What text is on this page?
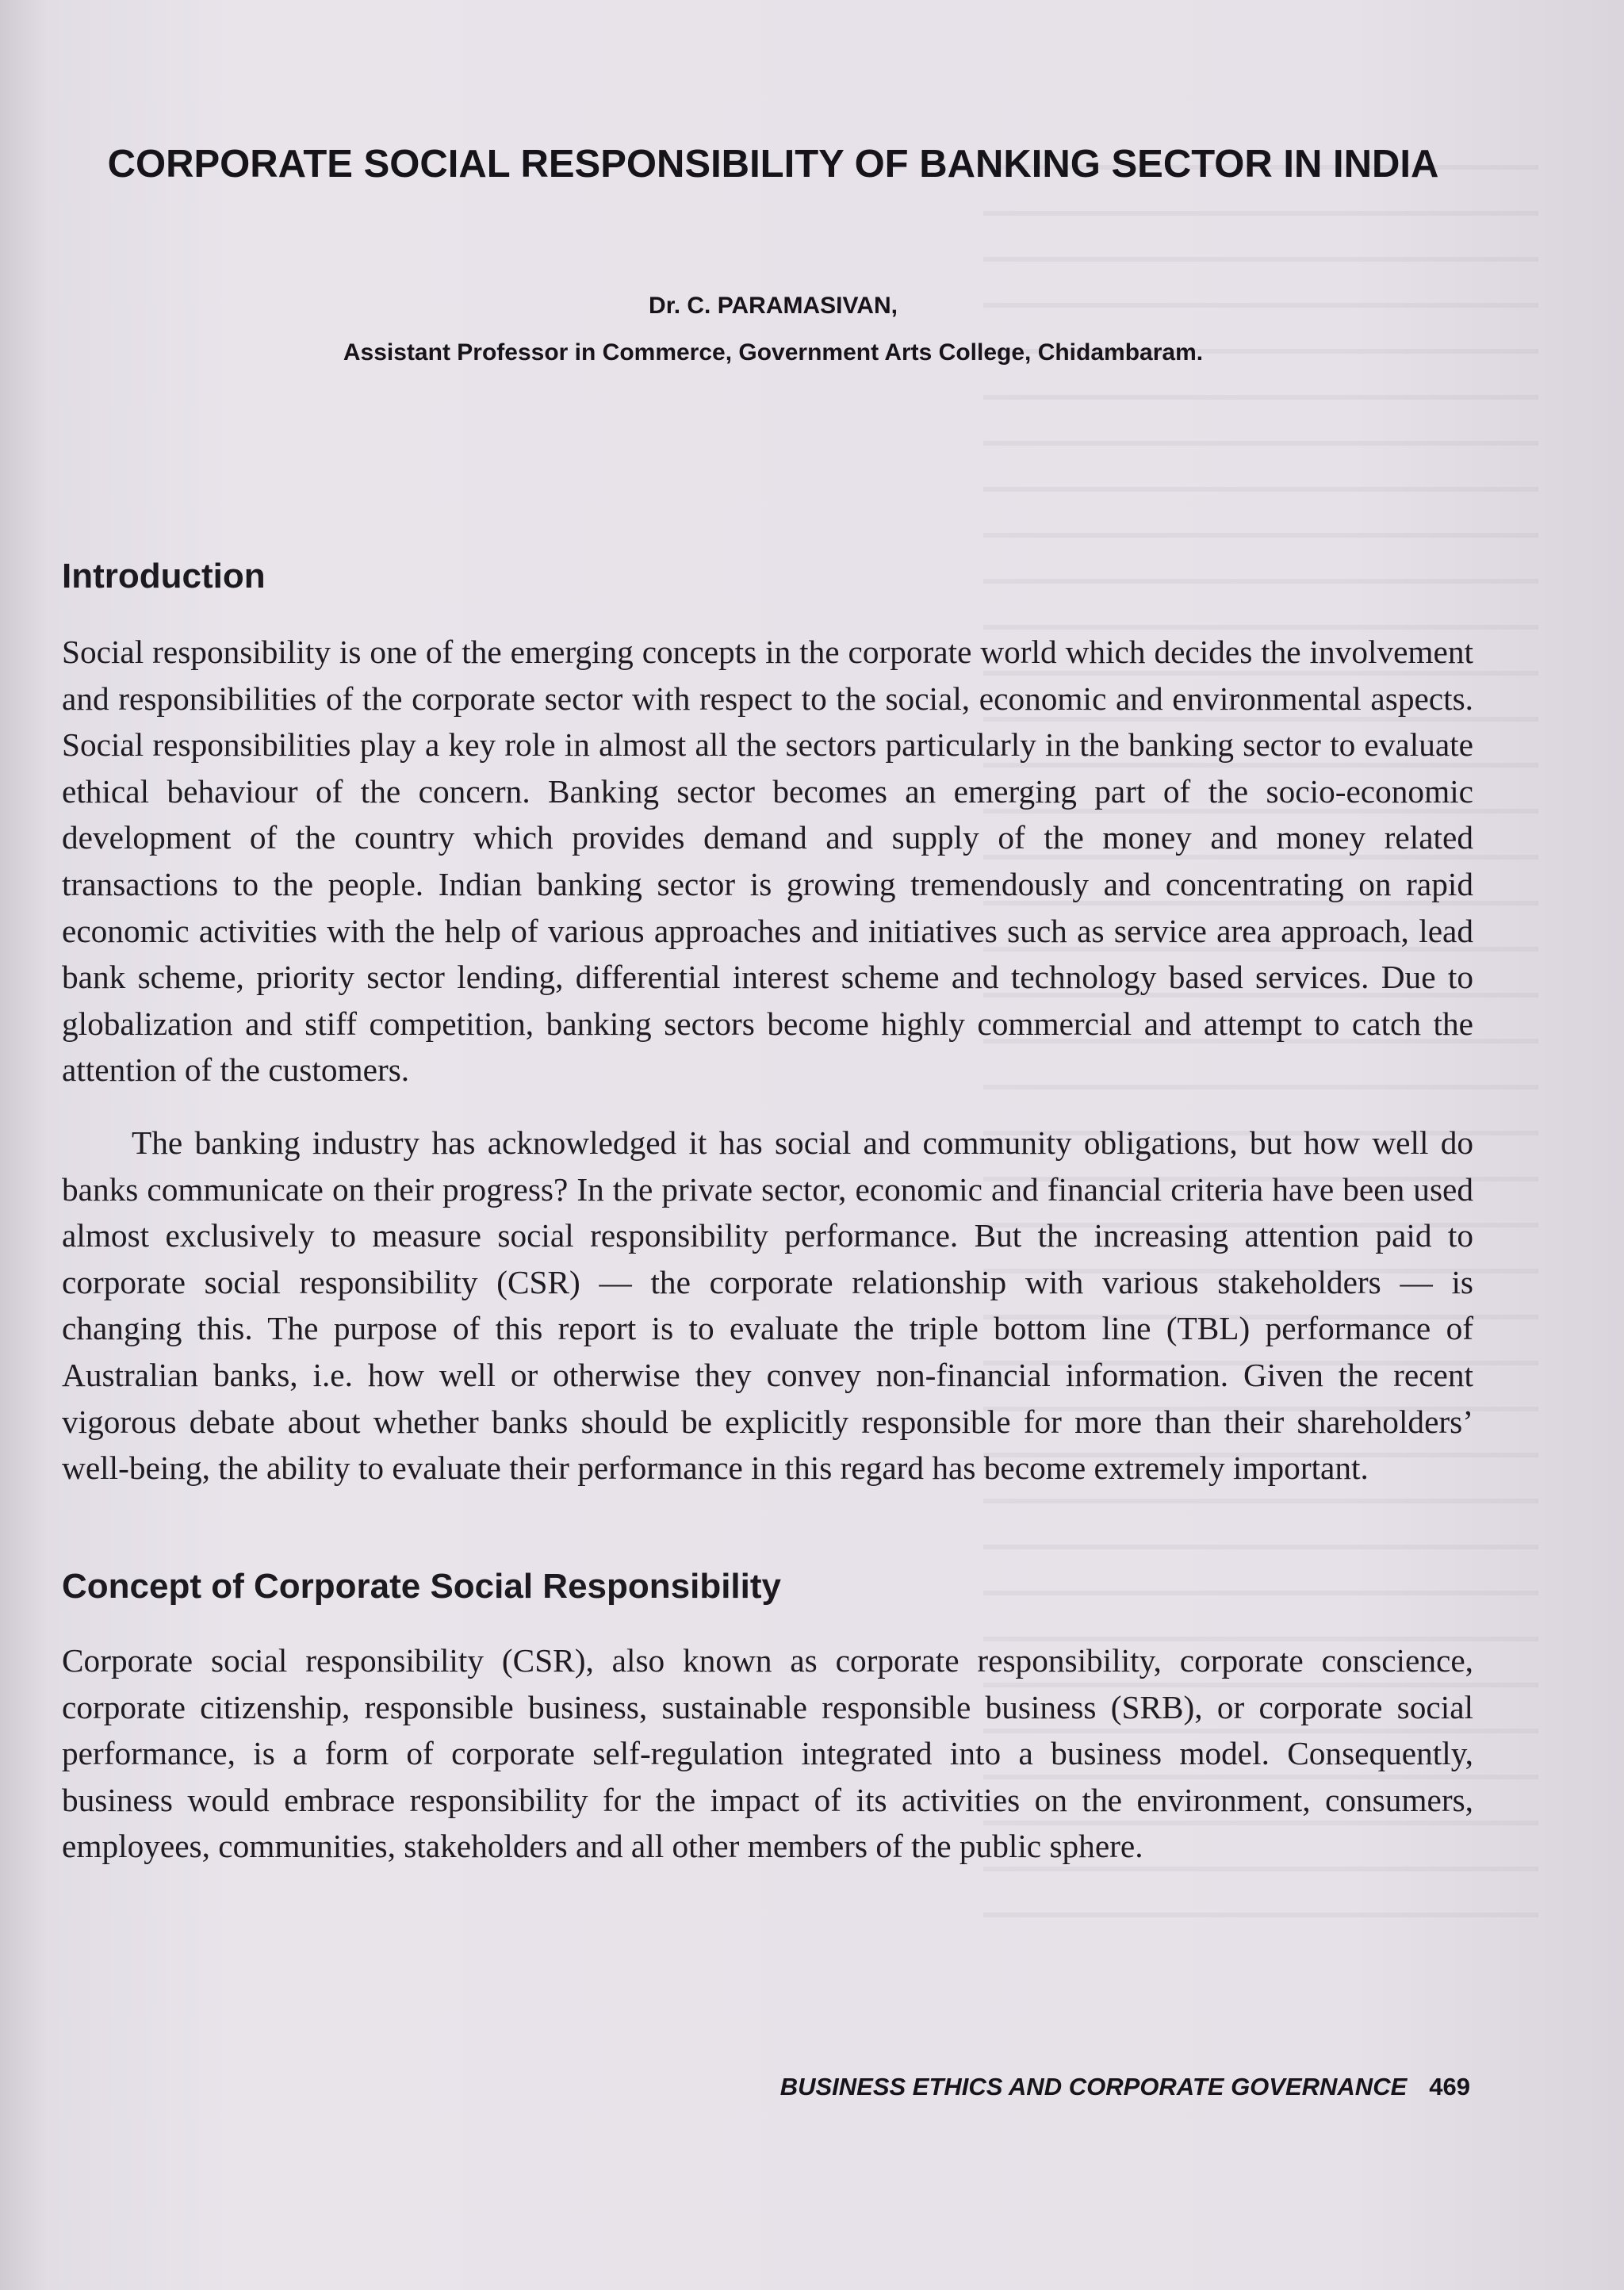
CORPORATE SOCIAL RESPONSIBILITY OF BANKING SECTOR IN INDIA
Dr. C. PARAMASIVAN,
Assistant Professor in Commerce, Government Arts College, Chidambaram.
Introduction

Social responsibility is one of the emerging concepts in the corporate world which decides the involvement and responsibilities of the corporate sector with respect to the social, economic and environmental aspects. Social responsibilities play a key role in almost all the sectors particularly in the banking sector to evaluate ethical behaviour of the concern. Banking sector becomes an emerging part of the socio-economic development of the country which provides demand and supply of the money and money related transactions to the people. Indian banking sector is growing tremendously and concentrating on rapid economic activities with the help of various approaches and initiatives such as service area approach, lead bank scheme, priority sector lending, differential interest scheme and technology based services. Due to globalization and stiff competition, banking sectors become highly commercial and attempt to catch the attention of the customers.

The banking industry has acknowledged it has social and community obligations, but how well do banks communicate on their progress? In the private sector, economic and financial criteria have been used almost exclusively to measure social responsibility performance. But the increasing attention paid to corporate social responsibility (CSR) — the corporate relationship with various stakeholders — is changing this. The purpose of this report is to evaluate the triple bottom line (TBL) performance of Australian banks, i.e. how well or otherwise they convey non-financial information. Given the recent vigorous debate about whether banks should be explicitly responsible for more than their shareholders’ well-being, the ability to evaluate their performance in this regard has become extremely important.

Concept of Corporate Social Responsibility

Corporate social responsibility (CSR), also known as corporate responsibility, corporate conscience, corporate citizenship, responsible business, sustainable responsible business (SRB), or corporate social performance, is a form of corporate self-regulation integrated into a business model. Consequently, business would embrace responsibility for the impact of its activities on the environment, consumers, employees, communities, stakeholders and all other members of the public sphere.

BUSINESS ETHICS AND CORPORATE GOVERNANCE 469
